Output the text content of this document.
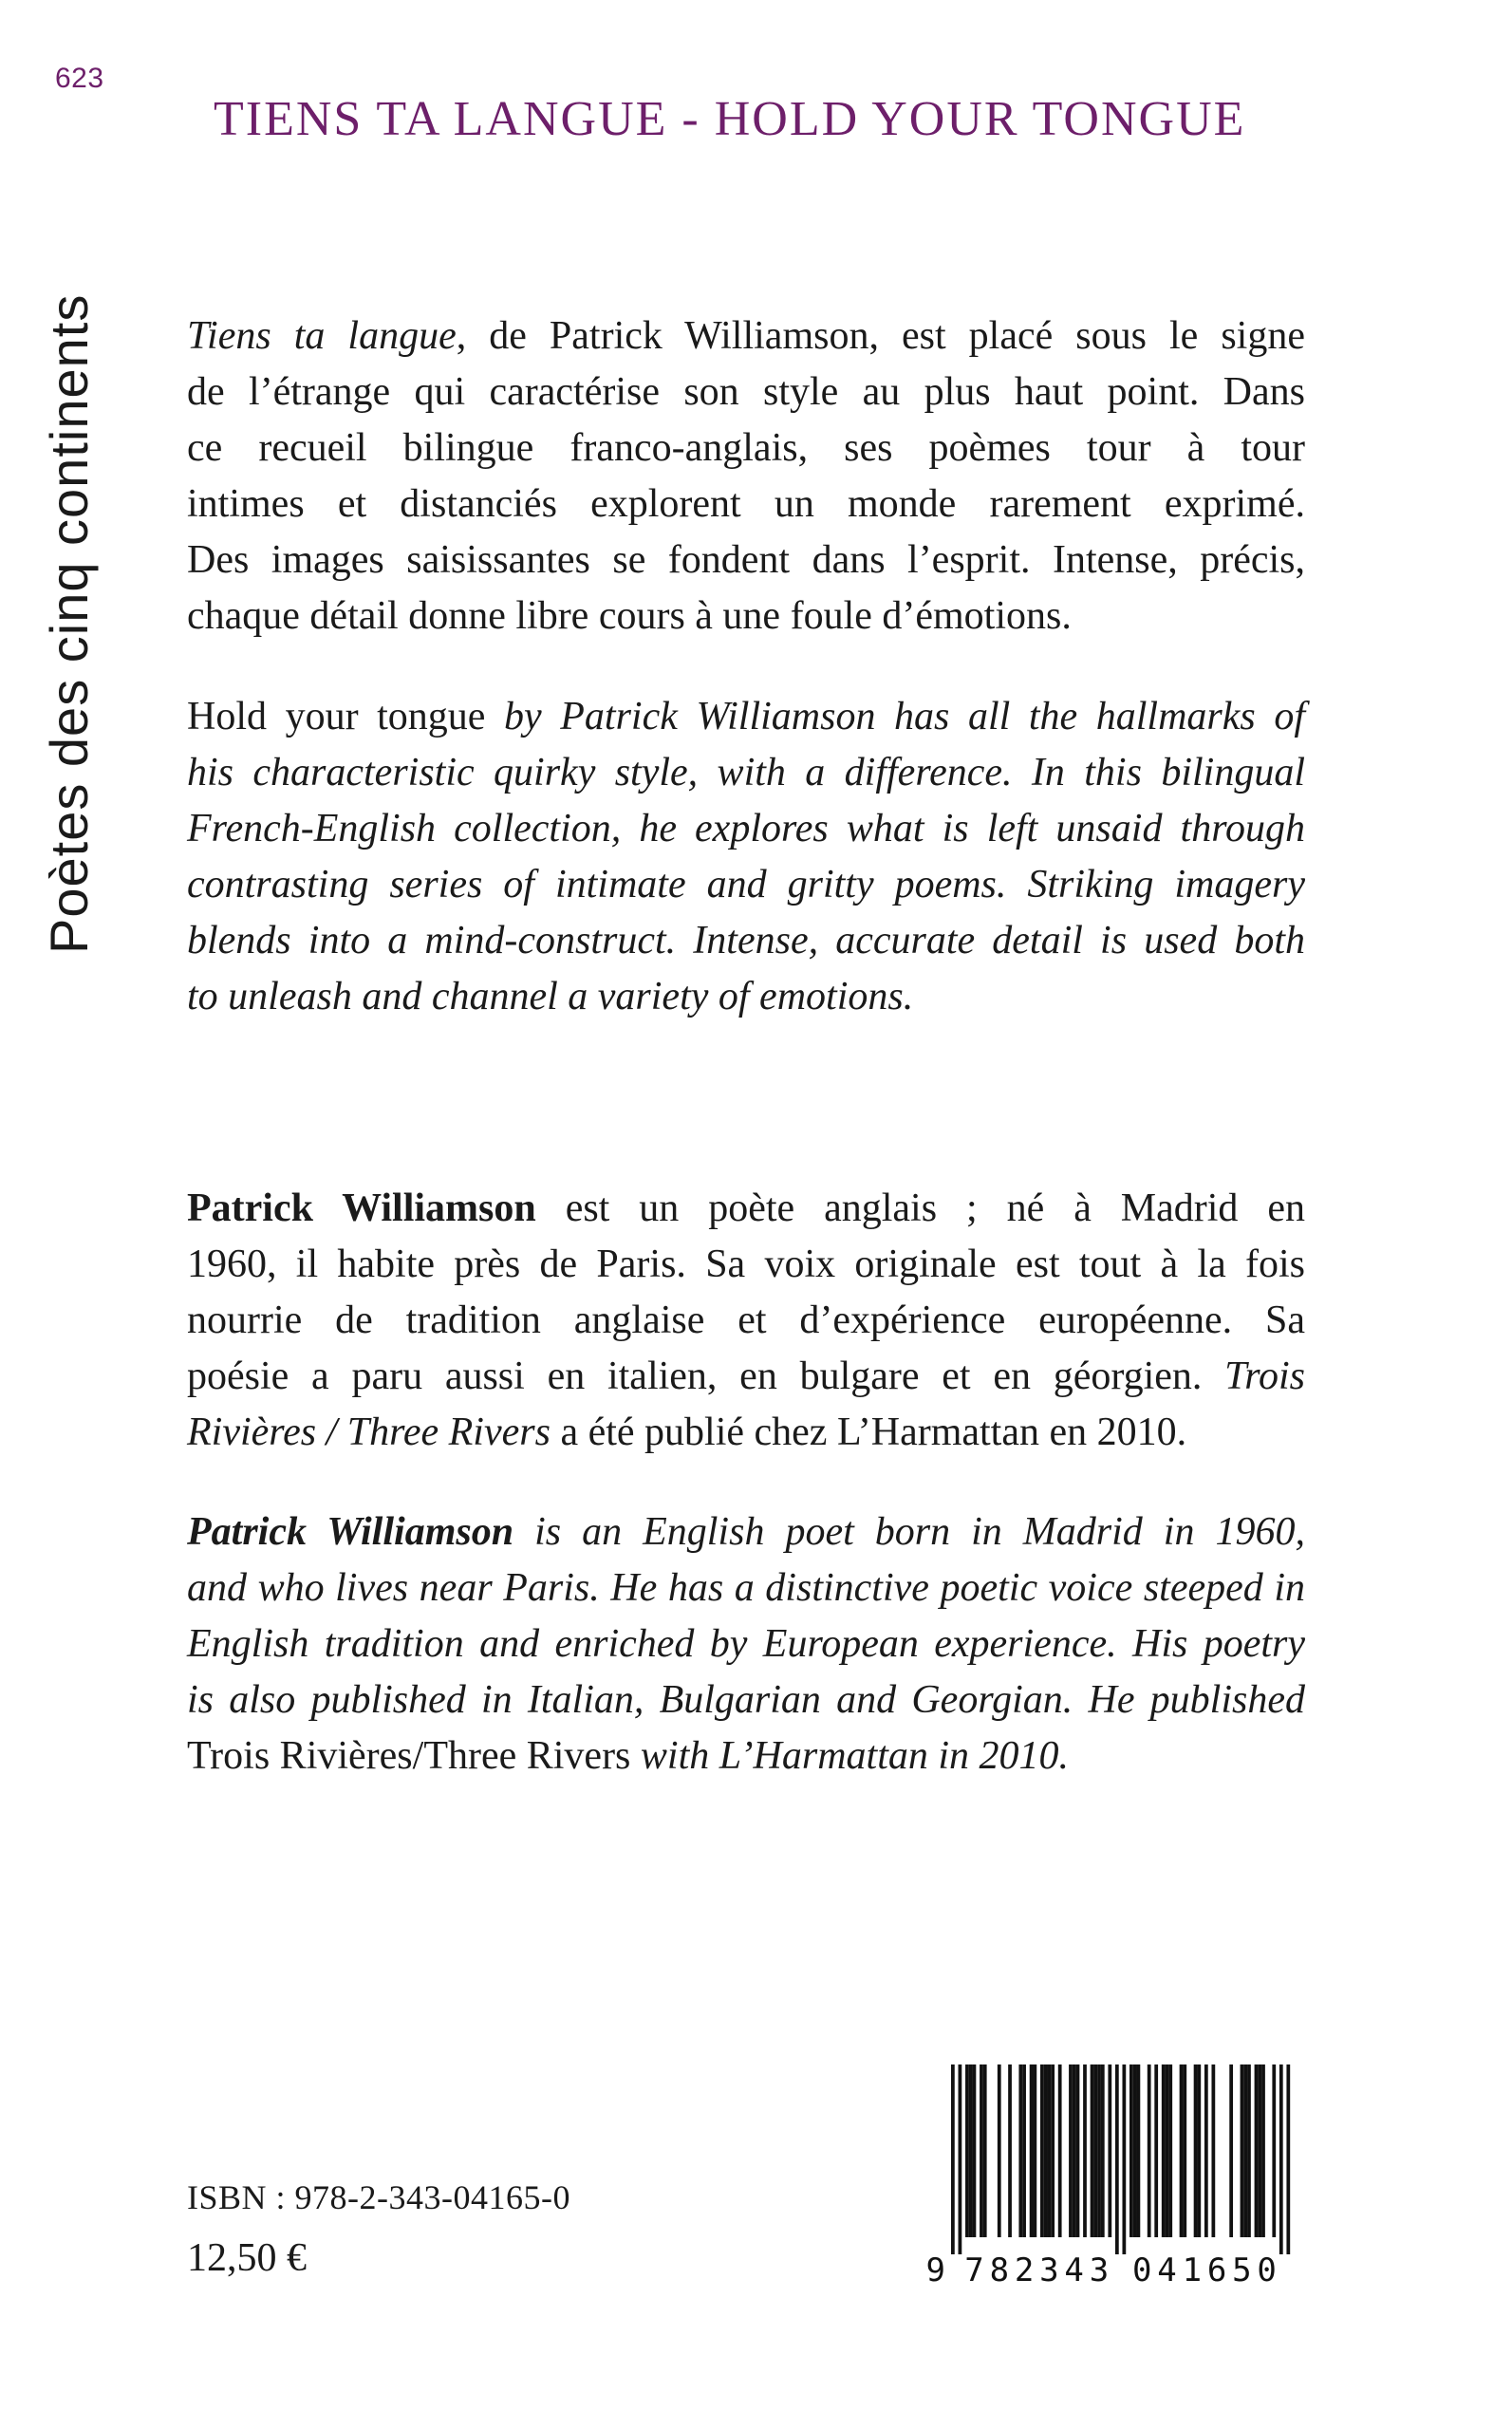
623
Poètes des cinq continents
TIENS TA LANGUE - HOLD YOUR TONGUE
Tiens ta langue, de Patrick Williamson, est placé sous le signe
de l’étrange qui caractérise son style au plus haut point. Dans
ce recueil bilingue franco-anglais, ses poèmes tour à tour
intimes et distanciés explorent un monde rarement exprimé.
Des images saisissantes se fondent dans l’esprit. Intense, précis,
chaque détail donne libre cours à une foule d’émotions.
Hold your tongue by Patrick Williamson has all the hallmarks of
his characteristic quirky style, with a difference. In this bilingual
French-English collection, he explores what is left unsaid through
contrasting series of intimate and gritty poems. Striking imagery
blends into a mind-construct. Intense, accurate detail is used both
to unleash and channel a variety of emotions.
Patrick Williamson est un poète anglais ; né à Madrid en
1960, il habite près de Paris. Sa voix originale est tout à la fois
nourrie de tradition anglaise et d’expérience européenne. Sa
poésie a paru aussi en italien, en bulgare et en géorgien. Trois
Rivières / Three Rivers a été publié chez L’Harmattan en 2010.
Patrick Williamson is an English poet born in Madrid in 1960,
and who lives near Paris. He has a distinctive poetic voice steeped in
English tradition and enriched by European experience. His poetry
is also published in Italian, Bulgarian and Georgian. He published
Trois Rivières/Three Rivers with L’Harmattan in 2010.
ISBN : 978-2-343-04165-0
12,50 €	9 782343 041650
